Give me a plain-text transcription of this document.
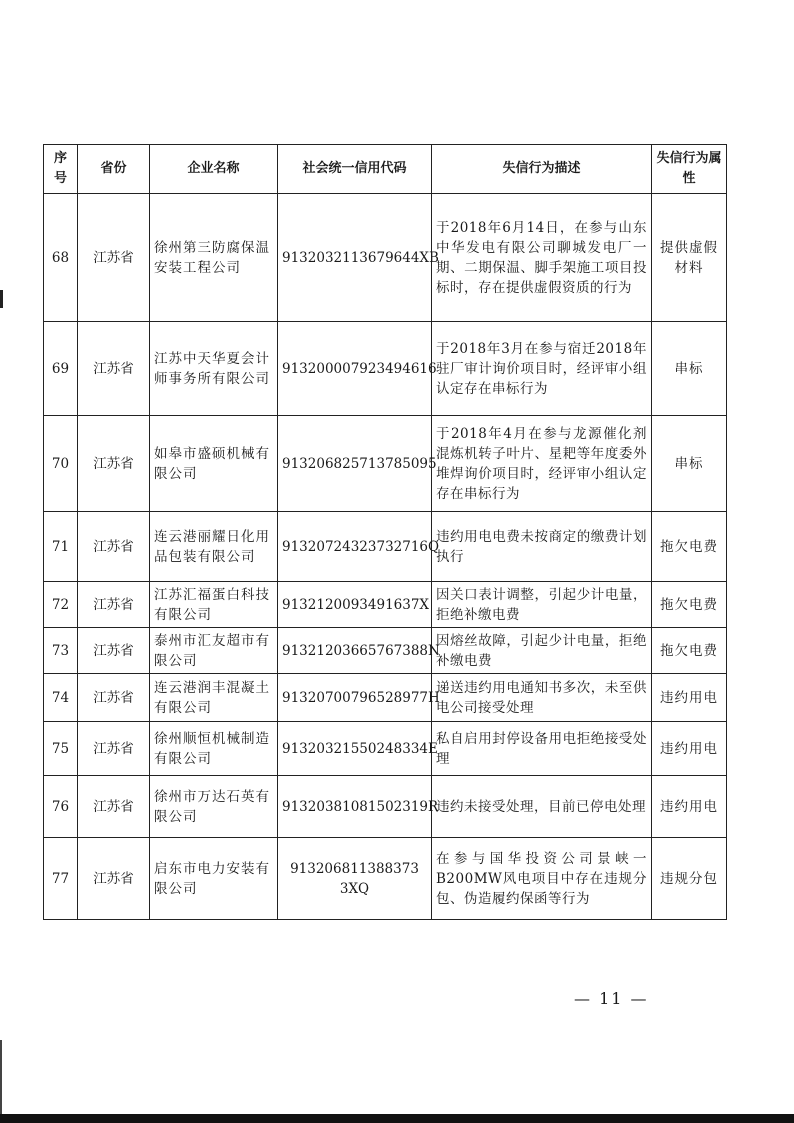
序号	省份	企业名称	社会统一信用代码	失信行为描述	失信行为属性
68	江苏省	徐州第三防腐保温安装工程公司	9132032113679644XB	于2018年6月14日，在参与山东中华发电有限公司聊城发电厂一期、二期保温、脚手架施工项目投标时，存在提供虚假资质的行为	提供虚假材料
69	江苏省	江苏中天华夏会计师事务所有限公司	913200007923494616	于2018年3月在参与宿迁2018年驻厂审计询价项目时，经评审小组认定存在串标行为	串标
70	江苏省	如皋市盛硕机械有限公司	913206825713785095	于2018年4月在参与龙源催化剂混炼机转子叶片、星耙等年度委外堆焊询价项目时，经评审小组认定存在串标行为	串标
71	江苏省	连云港丽耀日化用品包装有限公司	91320724323732716Q	违约用电电费未按商定的缴费计划执行	拖欠电费
72	江苏省	江苏汇福蛋白科技有限公司	9132120093491637X	因关口表计调整，引起少计电量，拒绝补缴电费	拖欠电费
73	江苏省	泰州市汇友超市有限公司	91321203665767388N	因熔丝故障，引起少计电量，拒绝补缴电费	拖欠电费
74	江苏省	连云港润丰混凝土有限公司	91320700796528977H	递送违约用电通知书多次，未至供电公司接受处理	违约用电
75	江苏省	徐州顺恒机械制造有限公司	91320321550248334E	私自启用封停设备用电拒绝接受处理	违约用电
76	江苏省	徐州市万达石英有限公司	91320381081502319R	违约未接受处理，目前已停电处理	违约用电
77	江苏省	启东市电力安装有限公司	913206811388373 3XQ	在参与国华投资公司景峡一B200MW风电项目中存在违规分包、伪造履约保函等行为	违规分包
— 11 —
